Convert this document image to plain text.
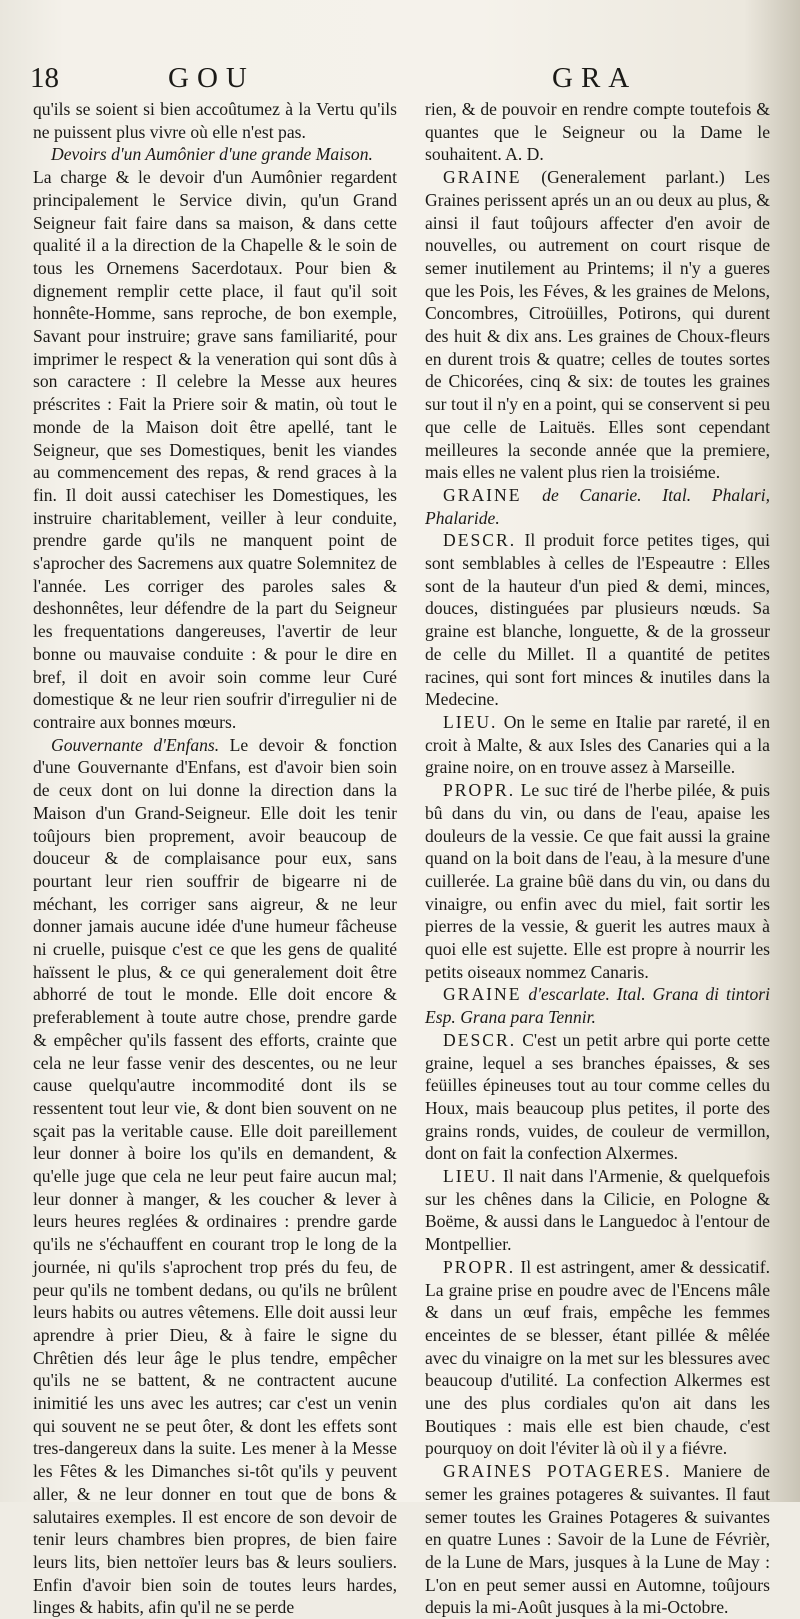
18	GOU	GRA

qu'ils se soient si bien accoûtumez à la Vertu qu'ils ne puissent plus vivre où elle n'est pas.

Devoirs d'un Aumônier d'une grande Maison.

La charge & le devoir d'un Aumônier regardent principalement le Service divin, qu'un Grand Seigneur fait faire dans sa maison, & dans cette qualité il a la direction de la Chapelle & le soin de tous les Ornemens Sacerdotaux. Pour bien & dignement remplir cette place, il faut qu'il soit honnête-Homme, sans reproche, de bon exemple, Savant pour instruire; grave sans familiarité, pour imprimer le respect & la veneration qui sont dûs à son caractere : Il celebre la Messe aux heures préscrites : Fait la Priere soir & matin, où tout le monde de la Maison doit être apellé, tant le Seigneur, que ses Domestiques, benit les viandes au commencement des repas, & rend graces à la fin. Il doit aussi catechiser les Domestiques, les instruire charitablement, veiller à leur conduite, prendre garde qu'ils ne manquent point de s'aprocher des Sacremens aux quatre Solemnitez de l'année. Les corriger des paroles sales & deshonnêtes, leur défendre de la part du Seigneur les frequentations dangereuses, l'avertir de leur bonne ou mauvaise conduite : & pour le dire en bref, il doit en avoir soin comme leur Curé domestique & ne leur rien soufrir d'irregulier ni de contraire aux bonnes mœurs.

Gouvernante d'Enfans. Le devoir & fonction d'une Gouvernante d'Enfans, est d'avoir bien soin de ceux dont on lui donne la direction dans la Maison d'un Grand-Seigneur. Elle doit les tenir toûjours bien proprement, avoir beaucoup de douceur & de complaisance pour eux, sans pourtant leur rien souffrir de bigearre ni de méchant, les corriger sans aigreur, & ne leur donner jamais aucune idée d'une humeur fâcheuse ni cruelle, puisque c'est ce que les gens de qualité haïssent le plus, & ce qui generalement doit être abhorré de tout le monde. Elle doit encore & preferablement à toute autre chose, prendre garde & empêcher qu'ils fassent des efforts, crainte que cela ne leur fasse venir des descentes, ou ne leur cause quelqu'autre incommodité dont ils se ressentent tout leur vie, & dont bien souvent on ne sçait pas la veritable cause. Elle doit pareillement leur donner à boire los qu'ils en demandent, & qu'elle juge que cela ne leur peut faire aucun mal; leur donner à manger, & les coucher & lever à leurs heures reglées & ordinaires : prendre garde qu'ils ne s'échauffent en courant trop le long de la journée, ni qu'ils s'aprochent trop prés du feu, de peur qu'ils ne tombent dedans, ou qu'ils ne brûlent leurs habits ou autres vêtemens. Elle doit aussi leur aprendre à prier Dieu, & à faire le signe du Chrêtien dés leur âge le plus tendre, empêcher qu'ils ne se battent, & ne contractent aucune inimitié les uns avec les autres; car c'est un venin qui souvent ne se peut ôter, & dont les effets sont tres-dangereux dans la suite. Les mener à la Messe les Fêtes & les Dimanches si-tôt qu'ils y peuvent aller, & ne leur donner en tout que de bons & salutaires exemples. Il est encore de son devoir de tenir leurs chambres bien propres, de bien faire leurs lits, bien nettoïer leurs bas & leurs souliers. Enfin d'avoir bien soin de toutes leurs hardes, linges & habits, afin qu'il ne se perde

rien, & de pouvoir en rendre compte toutefois & quantes que le Seigneur ou la Dame le souhaitent. A. D.

GRAINE (Generalement parlant.) Les Graines perissent aprés un an ou deux au plus, & ainsi il faut toûjours affecter d'en avoir de nouvelles, ou autrement on court risque de semer inutilement au Printems; il n'y a gueres que les Pois, les Féves, & les graines de Melons, Concombres, Citroüilles, Potirons, qui durent des huit & dix ans. Les graines de Choux-fleurs en durent trois & quatre; celles de toutes sortes de Chicorées, cinq & six: de toutes les graines sur tout il n'y en a point, qui se conservent si peu que celle de Laituës. Elles sont cependant meilleures la seconde année que la premiere, mais elles ne valent plus rien la troisiéme.

GRAINE de Canarie. Ital. Phalari, Phalaride.

DESCR. Il produit force petites tiges, qui sont semblables à celles de l'Espeautre : Elles sont de la hauteur d'un pied & demi, minces, douces, distinguées par plusieurs nœuds. Sa graine est blanche, longuette, & de la grosseur de celle du Millet. Il a quantité de petites racines, qui sont fort minces & inutiles dans la Medecine.

LIEU. On le seme en Italie par rareté, il en croit à Malte, & aux Isles des Canaries qui a la graine noire, on en trouve assez à Marseille.

PROPR. Le suc tiré de l'herbe pilée, & puis bû dans du vin, ou dans de l'eau, apaise les douleurs de la vessie. Ce que fait aussi la graine quand on la boit dans de l'eau, à la mesure d'une cuillerée. La graine bûë dans du vin, ou dans du vinaigre, ou enfin avec du miel, fait sortir les pierres de la vessie, & guerit les autres maux à quoi elle est sujette. Elle est propre à nourrir les petits oiseaux nommez Canaris.

GRAINE d'escarlate. Ital. Grana di tintori Esp. Grana para Tennir.

DESCR. C'est un petit arbre qui porte cette graine, lequel a ses branches épaisses, & ses feüilles épineuses tout au tour comme celles du Houx, mais beaucoup plus petites, il porte des grains ronds, vuides, de couleur de vermillon, dont on fait la confection Alxermes.

LIEU. Il nait dans l'Armenie, & quelquefois sur les chênes dans la Cilicie, en Pologne & Boëme, & aussi dans le Languedoc à l'entour de Montpellier.

PROPR. Il est astringent, amer & dessicatif. La graine prise en poudre avec de l'Encens mâle & dans un œuf frais, empêche les femmes enceintes de se blesser, étant pillée & mêlée avec du vinaigre on la met sur les blessures avec beaucoup d'utilité. La confection Alkermes est une des plus cordiales qu'on ait dans les Boutiques : mais elle est bien chaude, c'est pourquoy on doit l'éviter là où il y a fiévre.

GRAINES POTAGERES. Maniere de semer les graines potageres & suivantes. Il faut semer toutes les Graines Potageres & suivantes en quatre Lunes : Savoir de la Lune de Févrièr, de la Lune de Mars, jusques à la Lune de May : L'on en peut semer aussi en Automne, toûjours depuis la mi-Août jusques à la mi-Octobre.
